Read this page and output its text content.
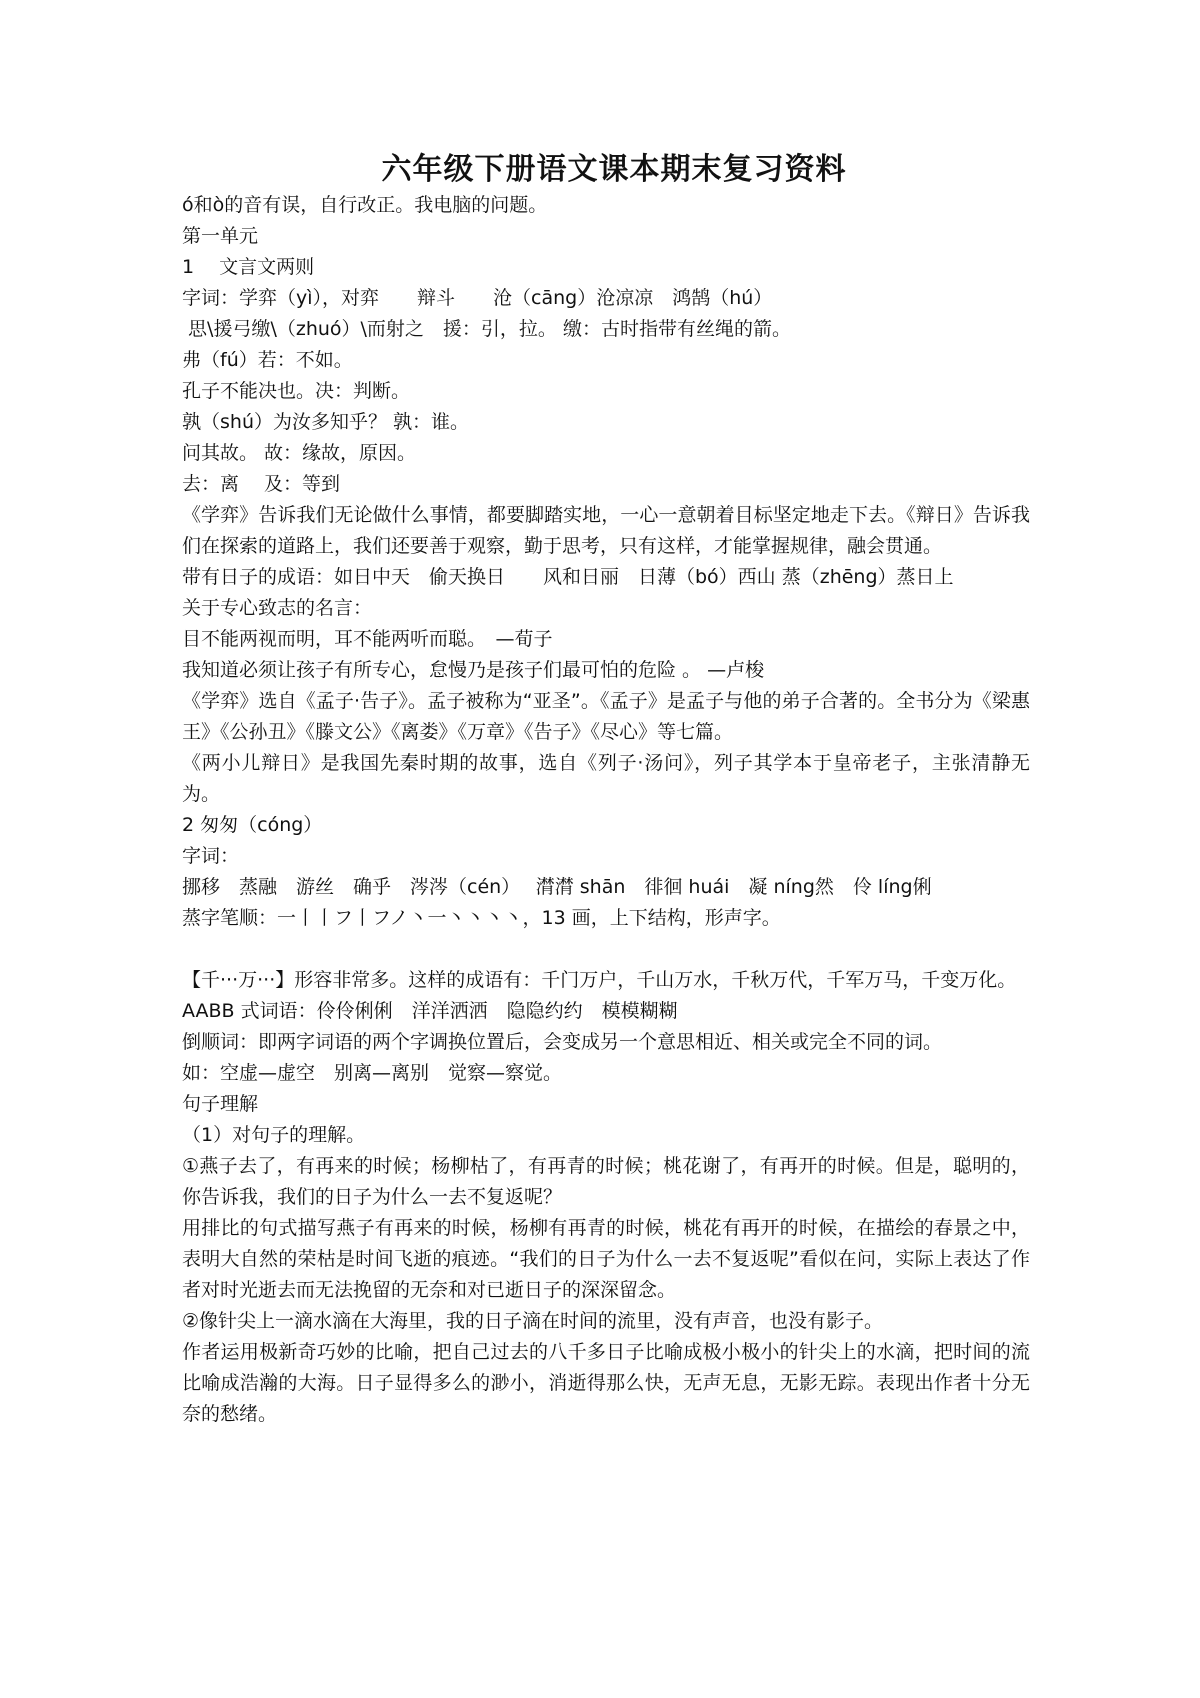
六年级下册语文课本期末复习资料
ó和ò的音有误，自行改正。我电脑的问题。
第一单元
1　 文言文两则
字词：学弈（yì），对弈　　辩斗　　沧（cāng）沧凉凉　鸿鹄（hú）
思\援弓缴\（zhuó）\而射之　援：引，拉。 缴：古时指带有丝绳的箭。
弗（fú）若：不如。
孔子不能决也。决：判断。
孰（shú）为汝多知乎？ 孰：谁。
问其故。 故：缘故，原因。
去：离　 及：等到

《学弈》告诉我们无论做什么事情，都要脚踏实地，一心一意朝着目标坚定地走下去。《辩日》告诉我们在探索的道路上，我们还要善于观察，勤于思考，只有这样，才能掌握规律，融会贯通。

带有日子的成语：如日中天　偷天换日　　风和日丽　日薄（bó）西山 蒸（zhēng）蒸日上
关于专心致志的名言：
目不能两视而明，耳不能两听而聪。　—荀子
我知道必须让孩子有所专心，怠慢乃是孩子们最可怕的危险 。 —卢梭

《学弈》选自《孟子·告子》。孟子被称为“亚圣”。《孟子》是孟子与他的弟子合著的。全书分为《梁惠王》《公孙丑》《滕文公》《离娄》《万章》《告子》《尽心》等七篇。

《两小儿辩日》是我国先秦时期的故事，选自《列子·汤问》，列子其学本于皇帝老子，主张清静无为。

2 匆匆（cóng）
字词：
挪移　蒸融　游丝　确乎　涔涔（cén）　 潸潸 shān　徘徊 huái　凝 níng然　伶 líng俐
蒸字笔顺：一丨丨フ丨フノ丶一丶丶丶丶，13 画，上下结构，形声字。

【千···万···】形容非常多。这样的成语有：千门万户，千山万水，千秋万代，千军万马，千变万化。

AABB 式词语：伶伶俐俐　洋洋洒洒　隐隐约约　模模糊糊

倒顺词：即两字词语的两个字调换位置后，会变成另一个意思相近、相关或完全不同的词。

如：空虚—虚空　别离—离别　觉察—察觉。
句子理解
（1）对句子的理解。

①燕子去了，有再来的时候；杨柳枯了，有再青的时候；桃花谢了，有再开的时候。但是，聪明的，你告诉我，我们的日子为什么一去不复返呢？

用排比的句式描写燕子有再来的时候，杨柳有再青的时候，桃花有再开的时候，在描绘的春景之中，表明大自然的荣枯是时间飞逝的痕迹。“我们的日子为什么一去不复返呢”看似在问，实际上表达了作者对时光逝去而无法挽留的无奈和对已逝日子的深深留念。

②像针尖上一滴水滴在大海里，我的日子滴在时间的流里，没有声音，也没有影子。

作者运用极新奇巧妙的比喻，把自己过去的八千多日子比喻成极小极小的针尖上的水滴，把时间的流比喻成浩瀚的大海。日子显得多么的渺小，消逝得那么快，无声无息，无影无踪。表现出作者十分无奈的愁绪。
